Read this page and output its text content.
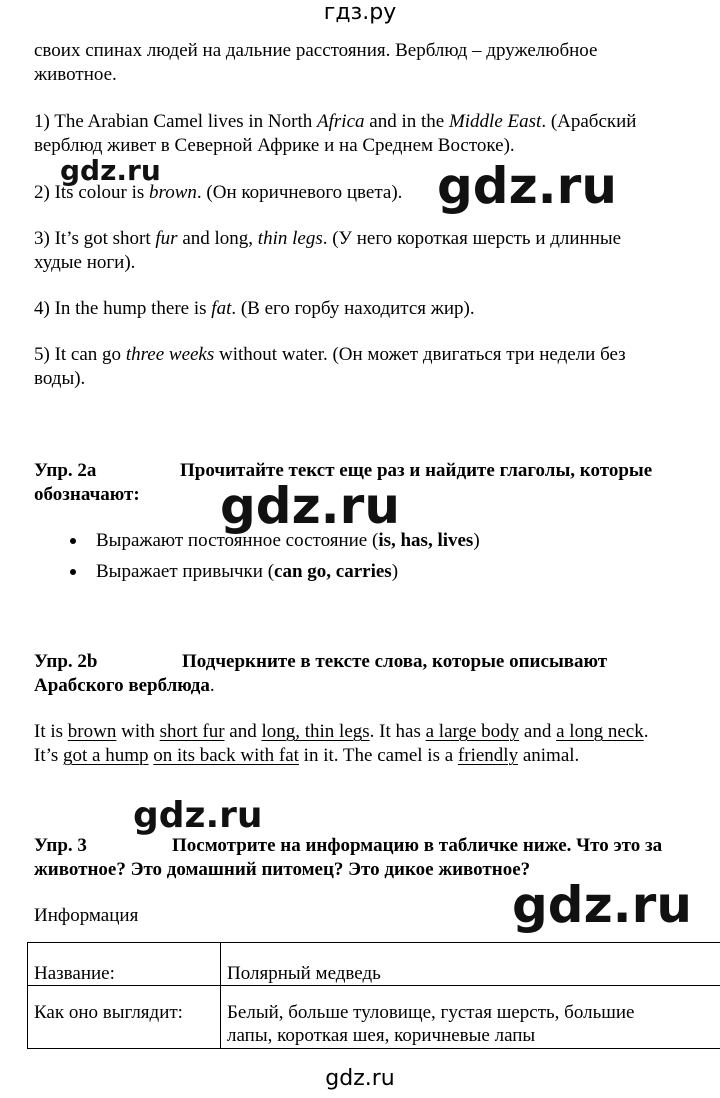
гдз.ру
своих спинах людей на дальние расстояния. Верблюд – дружелюбное
животное.
1) The Arabian Camel lives in North Africa and in the Middle East. (Арабский
верблюд живет в Северной Африке и на Среднем Востоке).
2) Its colour is brown. (Он коричневого цвета).
3) It’s got short fur and long, thin legs. (У него короткая шерсть и длинные
худые ноги).
4) In the hump there is fat. (В его горбу находится жир).
5) It can go three weeks without water. (Он может двигаться три недели без
воды).
Упр. 2а	Прочитайте текст еще раз и найдите глаголы, которые
обозначают:
Выражают постоянное состояние (is, has, lives)
Выражает привычки (can go, carries)
Упр. 2b	Подчеркните в тексте слова, которые описывают
Арабского верблюда.
It is brown with short fur and long, thin legs. It has a large body and a long neck.
It’s got a hump on its back with fat in it. The camel is a friendly animal.
Упр. 3	Посмотрите на информацию в табличке ниже. Что это за
животное? Это домашний питомец? Это дикое животное?
Информация
Название:	Полярный медведь
Как оно выглядит:	Белый, больше туловище, густая шерсть, большие
лапы, короткая шея, коричневые лапы
gdz.ru	gdz.ru
gdz.ru
gdz.ru
gdz.ru
gdz.ru
